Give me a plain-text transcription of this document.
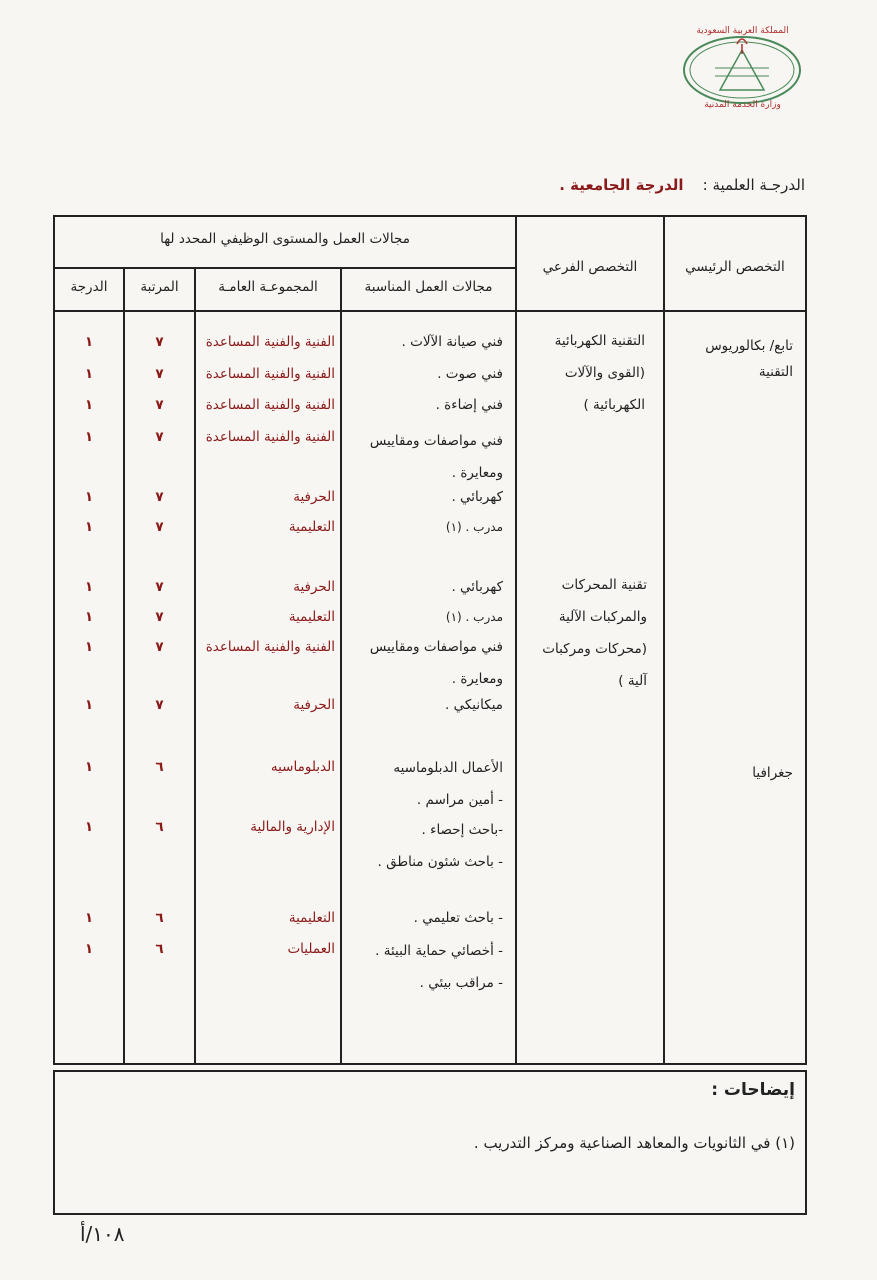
المملكة العربية السعودية
وزارة الخدمة المدنية
الدرجـة العلمية :    الدرجة الجامعية .
التخصص الرئيسي
التخصص الفرعي
مجالات العمل والمستوى الوظيفي المحدد لها
مجالات العمل المناسبة
المجموعـة العامـة
المرتبة
الدرجة
تابع/ بكالوريوس
التقنية
جغرافيا
التقنية الكهربائية
(القوى والآلات
الكهربائية )
تقنية المحركات
والمركبات الآلية
(محركات ومركبات
آلية )
فني صيانة الآلات .
الفنية والفنية المساعدة
٧
١
فني صوت .
الفنية والفنية المساعدة
٧
١
فني إضاءة .
الفنية والفنية المساعدة
٧
١
فني مواصفات ومقاييس
ومعايرة .
الفنية والفنية المساعدة
٧
١
كهربائي .
الحرفية
٧
١
مدرب . (١)
التعليمية
٧
١
كهربائي .
الحرفية
٧
١
مدرب . (١)
التعليمية
٧
١
فني مواصفات ومقاييس
ومعايرة .
الفنية والفنية المساعدة
٧
١
ميكانيكي .
الحرفية
٧
١
الأعمال الدبلوماسيه
- أمين مراسم .
الدبلوماسيه
٦
١
-باحث إحصاء .
- باحث شئون مناطق .
الإدارية والمالية
٦
١
- باحث تعليمي .
التعليمية
٦
١
- أخصائي حماية البيئة .
- مراقب بيئي .
العمليات
٦
١
إيضاحات :
(١) في الثانويات والمعاهد الصناعية ومركز التدريب .
١٠٨/أ
